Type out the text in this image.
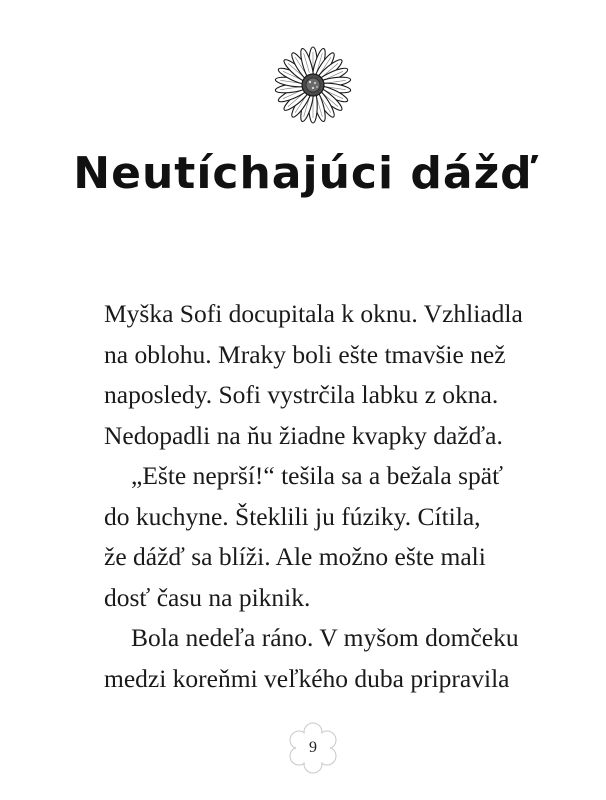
Neutíchajúci dážď

Myška Sofi docupitala k oknu. Vzhliadla
na oblohu. Mraky boli ešte tmavšie než
naposledy. Sofi vystrčila labku z okna.
Nedopadli na ňu žiadne kvapky dažďa.

„Ešte neprší!“ tešila sa a bežala späť
do kuchyne. Šteklili ju fúziky. Cítila,
že dážď sa blíži. Ale možno ešte mali
dosť času na piknik.

Bola nedeľa ráno. V myšom domčeku
medzi koreňmi veľkého duba pripravila

9
